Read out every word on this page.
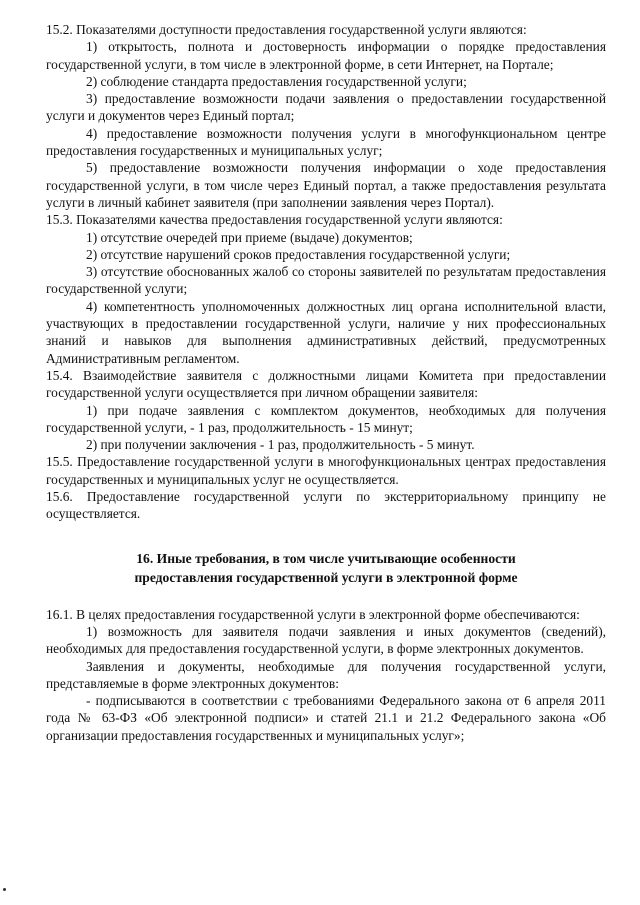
15.2. Показателями доступности предоставления государственной услуги являются:

1) открытость, полнота и достоверность информации о порядке предоставления государственной услуги, в том числе в электронной форме, в сети Интернет, на Портале;

2) соблюдение стандарта предоставления государственной услуги;

3) предоставление возможности подачи заявления о предоставлении государственной услуги и документов через Единый портал;

4) предоставление возможности получения услуги в многофункциональном центре предоставления государственных и муниципальных услуг;

5) предоставление возможности получения информации о ходе предоставления государственной услуги, в том числе через Единый портал, а также предоставления результата услуги в личный кабинет заявителя (при заполнении заявления через Портал).

15.3. Показателями качества предоставления государственной услуги являются:

1) отсутствие очередей при приеме (выдаче) документов;

2) отсутствие нарушений сроков предоставления государственной услуги;

3) отсутствие обоснованных жалоб со стороны заявителей по результатам предоставления государственной услуги;

4) компетентность уполномоченных должностных лиц органа исполнительной власти, участвующих в предоставлении государственной услуги, наличие у них профессиональных знаний и навыков для выполнения административных действий, предусмотренных Административным регламентом.

15.4. Взаимодействие заявителя с должностными лицами Комитета при предоставлении государственной услуги осуществляется при личном обращении заявителя:

1) при подаче заявления с комплектом документов, необходимых для получения государственной услуги, - 1 раз, продолжительность - 15 минут;

2) при получении заключения - 1 раз, продолжительность - 5 минут.

15.5. Предоставление государственной услуги в многофункциональных центрах предоставления государственных и муниципальных услуг не осуществляется.

15.6. Предоставление государственной услуги по экстерриториальному принципу не осуществляется.

16. Иные требования, в том числе учитывающие особенности

предоставления государственной услуги в электронной форме

16.1. В целях предоставления государственной услуги в электронной форме обеспечиваются:

1) возможность для заявителя подачи заявления и иных документов (сведений), необходимых для предоставления государственной услуги, в форме электронных документов.

Заявления и документы, необходимые для получения государственной услуги, представляемые в форме электронных документов:

- подписываются в соответствии с требованиями Федерального закона от 6 апреля 2011 года № 63-ФЗ «Об электронной подписи» и статей 21.1 и 21.2 Федерального закона «Об организации предоставления государственных и муниципальных услуг»;
